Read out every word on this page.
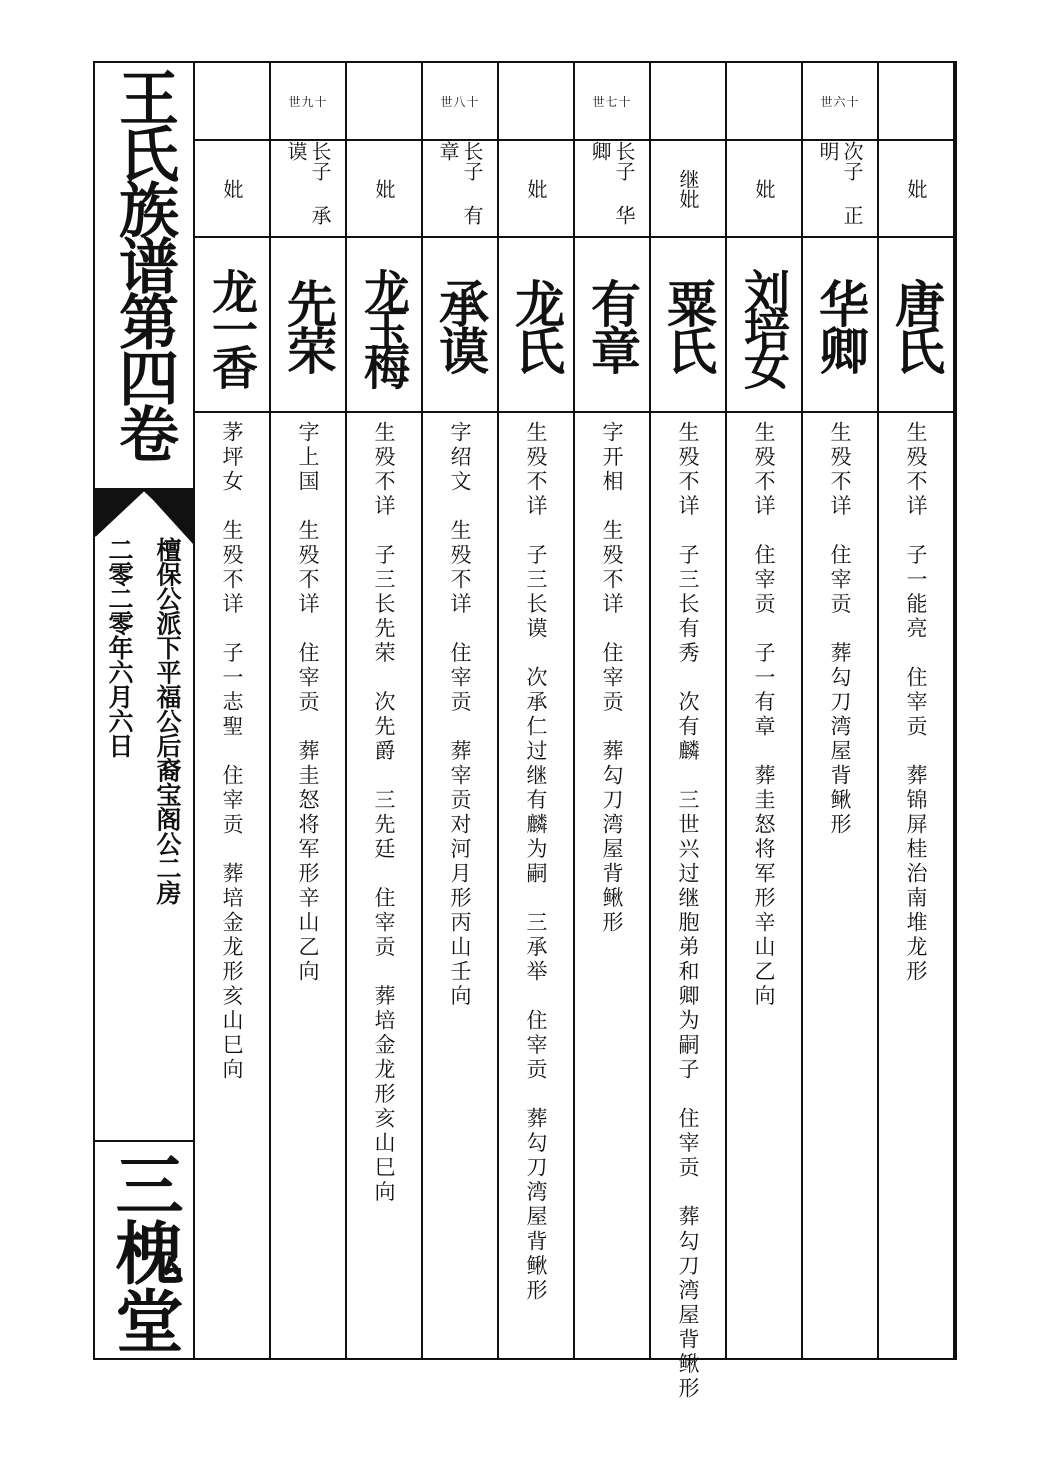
王氏族谱第四卷
檀保公派下平福公后裔宝阁公二房
二零二零年六月六日
三槐堂
妣
唐氏
生殁不详　子一能亮　住宰贡　葬锦屏桂治南堆龙形
世六十
次子 正明
华卿
生殁不详　住宰贡　葬勾刀湾屋背鳅形
妣
刘培女
生殁不详　住宰贡　子一有章　葬圭怒将军形辛山乙向
继妣
粟氏
生殁不详　子三长有秀　次有麟　三世兴过继胞弟和卿为嗣子　住宰贡　葬
勾刀湾屋背鳅形
世七十
长子 华卿
有章
字开相　生殁不详　住宰贡　葬勾刀湾屋背鳅形
妣
龙氏
生殁不详　子三长谟　次承仁过继有麟为嗣　三承举　住宰贡　葬勾刀湾屋
背鳅形
世八十
长子 有章
承谟
字绍文　生殁不详　住宰贡　葬宰贡对河月形丙山壬向
妣
龙玉梅
生殁不详　子三长先荣　次先爵　三先廷　住宰贡　葬培金龙形亥山巳向
世九十
长子 承谟
先荣
字上国　生殁不详　住宰贡　葬圭怒将军形辛山乙向
妣
龙一香
茅坪女　生殁不详　子一志聖　住宰贡　葬培金龙形亥山巳向
